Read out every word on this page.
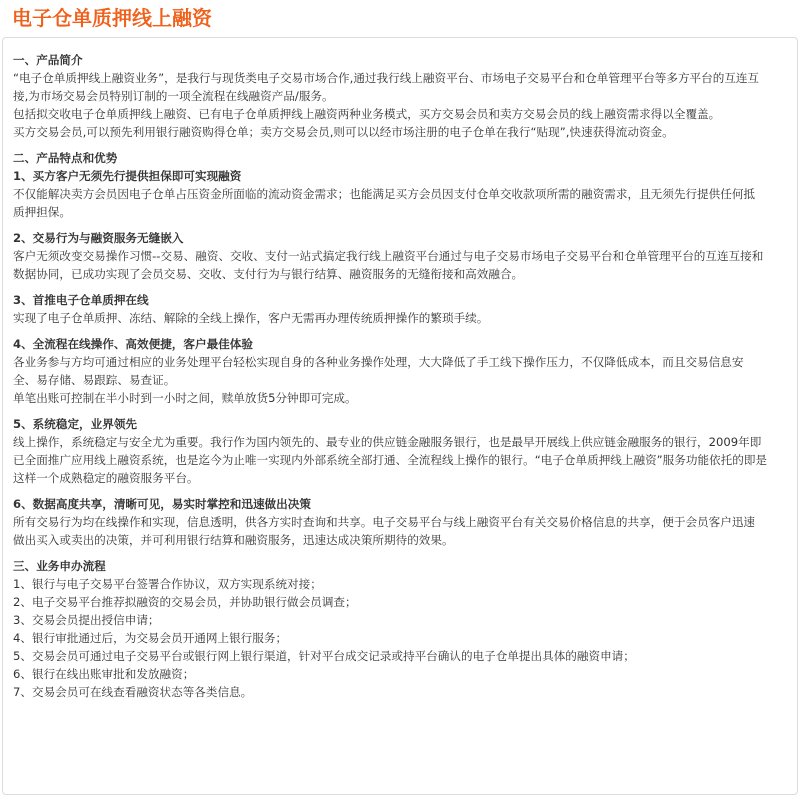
电子仓单质押线上融资
一、产品简介
“电子仓单质押线上融资业务”，是我行与现货类电子交易市场合作,通过我行线上融资平台、市场电子交易平台和仓单管理平台等多方平台的互连互
接,为市场交易会员特别订制的一项全流程在线融资产品/服务。
包括拟交收电子仓单质押线上融资、已有电子仓单质押线上融资两种业务模式，买方交易会员和卖方交易会员的线上融资需求得以全覆盖。
买方交易会员,可以预先利用银行融资购得仓单；卖方交易会员,则可以以经市场注册的电子仓单在我行“贴现”,快速获得流动资金。
二、产品特点和优势
1、买方客户无须先行提供担保即可实现融资
不仅能解决卖方会员因电子仓单占压资金所面临的流动资金需求；也能满足买方会员因支付仓单交收款项所需的融资需求，且无须先行提供任何抵
质押担保。
2、交易行为与融资服务无缝嵌入
客户无须改变交易操作习惯--交易、融资、交收、支付一站式搞定我行线上融资平台通过与电子交易市场电子交易平台和仓单管理平台的互连互接和
数据协同，已成功实现了会员交易、交收、支付行为与银行结算、融资服务的无缝衔接和高效融合。
3、首推电子仓单质押在线
实现了电子仓单质押、冻结、解除的全线上操作，客户无需再办理传统质押操作的繁琐手续。
4、全流程在线操作、高效便捷，客户最佳体验
各业务参与方均可通过相应的业务处理平台轻松实现自身的各种业务操作处理，大大降低了手工线下操作压力，不仅降低成本，而且交易信息安
全、易存储、易跟踪、易查证。
单笔出账可控制在半小时到一小时之间，赎单放货5分钟即可完成。
5、系统稳定，业界领先
线上操作，系统稳定与安全尤为重要。我行作为国内领先的、最专业的供应链金融服务银行，也是最早开展线上供应链金融服务的银行，2009年即
已全面推广应用线上融资系统，也是迄今为止唯一实现内外部系统全部打通、全流程线上操作的银行。“电子仓单质押线上融资”服务功能依托的即是
这样一个成熟稳定的融资服务平台。
6、数据高度共享，清晰可见，易实时掌控和迅速做出决策
所有交易行为均在线操作和实现，信息透明，供各方实时查询和共享。电子交易平台与线上融资平台有关交易价格信息的共享，便于会员客户迅速
做出买入或卖出的决策，并可利用银行结算和融资服务，迅速达成决策所期待的效果。
三、业务申办流程
1、银行与电子交易平台签署合作协议，双方实现系统对接；
2、电子交易平台推荐拟融资的交易会员，并协助银行做会员调查；
3、交易会员提出授信申请；
4、银行审批通过后，为交易会员开通网上银行服务；
5、交易会员可通过电子交易平台或银行网上银行渠道，针对平台成交记录或持平台确认的电子仓单提出具体的融资申请；
6、银行在线出账审批和发放融资；
7、交易会员可在线查看融资状态等各类信息。
